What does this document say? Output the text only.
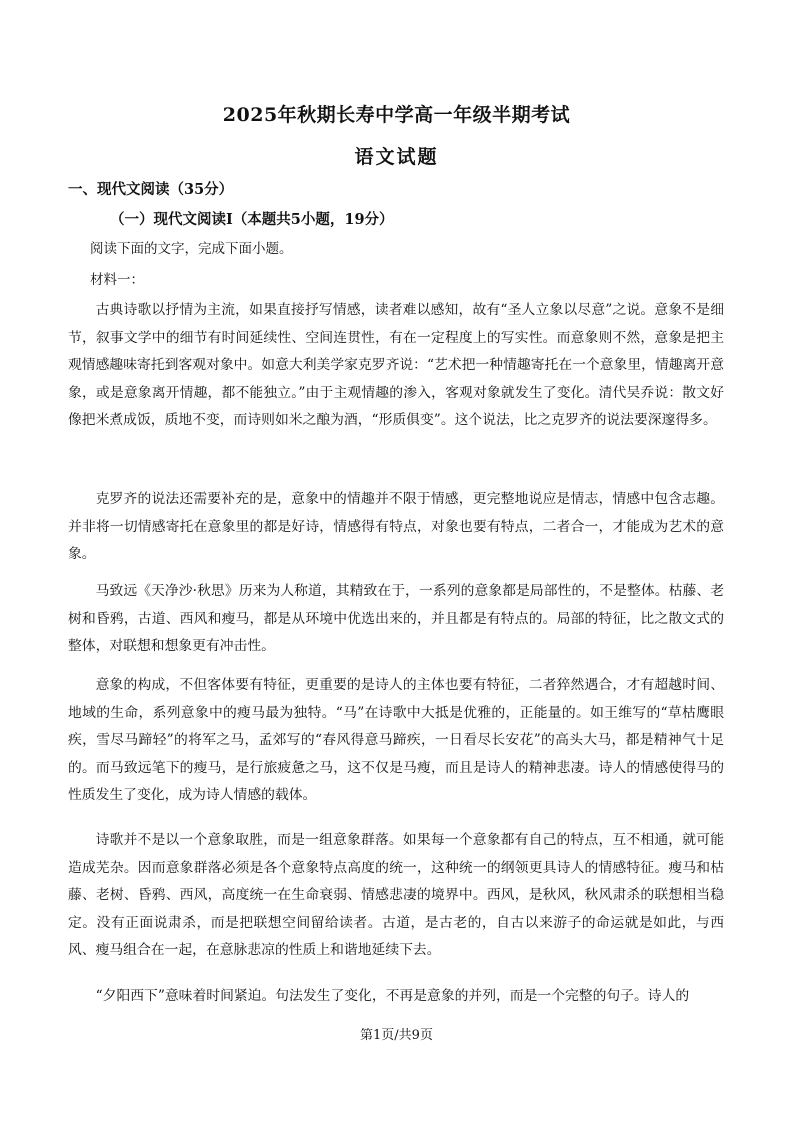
2025年秋期长寿中学高一年级半期考试
语文试题
一、现代文阅读（35分）
（一）现代文阅读Ⅰ（本题共5小题，19分）
阅读下面的文字，完成下面小题。
材料一：
古典诗歌以抒情为主流，如果直接抒写情感，读者难以感知，故有“圣人立象以尽意”之说。意象不是细节，叙事文学中的细节有时间延续性、空间连贯性，有在一定程度上的写实性。而意象则不然，意象是把主观情感趣味寄托到客观对象中。如意大利美学家克罗齐说：“艺术把一种情趣寄托在一个意象里，情趣离开意象，或是意象离开情趣，都不能独立。”由于主观情趣的渗入，客观对象就发生了变化。清代吴乔说：散文好像把米煮成饭，质地不变，而诗则如米之酿为酒，“形质俱变”。这个说法，比之克罗齐的说法要深邃得多。
克罗齐的说法还需要补充的是，意象中的情趣并不限于情感，更完整地说应是情志，情感中包含志趣。并非将一切情感寄托在意象里的都是好诗，情感得有特点，对象也要有特点，二者合一，才能成为艺术的意象。
马致远《天净沙·秋思》历来为人称道，其精致在于，一系列的意象都是局部性的，不是整体。枯藤、老树和昏鸦，古道、西风和瘦马，都是从环境中优选出来的，并且都是有特点的。局部的特征，比之散文式的整体，对联想和想象更有冲击性。
意象的构成，不但客体要有特征，更重要的是诗人的主体也要有特征，二者猝然遇合，才有超越时间、地域的生命，系列意象中的瘦马最为独特。“马”在诗歌中大抵是优雅的，正能量的。如王维写的“草枯鹰眼疾，雪尽马蹄轻”的将军之马，孟郊写的“春风得意马蹄疾，一日看尽长安花”的高头大马，都是精神气十足的。而马致远笔下的瘦马，是行旅疲惫之马，这不仅是马瘦，而且是诗人的精神悲凄。诗人的情感使得马的性质发生了变化，成为诗人情感的载体。
诗歌并不是以一个意象取胜，而是一组意象群落。如果每一个意象都有自己的特点，互不相通，就可能造成芜杂。因而意象群落必须是各个意象特点高度的统一，这种统一的纲领更具诗人的情感特征。瘦马和枯藤、老树、昏鸦、西风，高度统一在生命衰弱、情感悲凄的境界中。西风，是秋风，秋风肃杀的联想相当稳定。没有正面说肃杀，而是把联想空间留给读者。古道，是古老的，自古以来游子的命运就是如此，与西风、瘦马组合在一起，在意脉悲凉的性质上和谐地延续下去。
“夕阳西下”意味着时间紧迫。句法发生了变化，不再是意象的并列，而是一个完整的句子。诗人的
第1页/共9页
